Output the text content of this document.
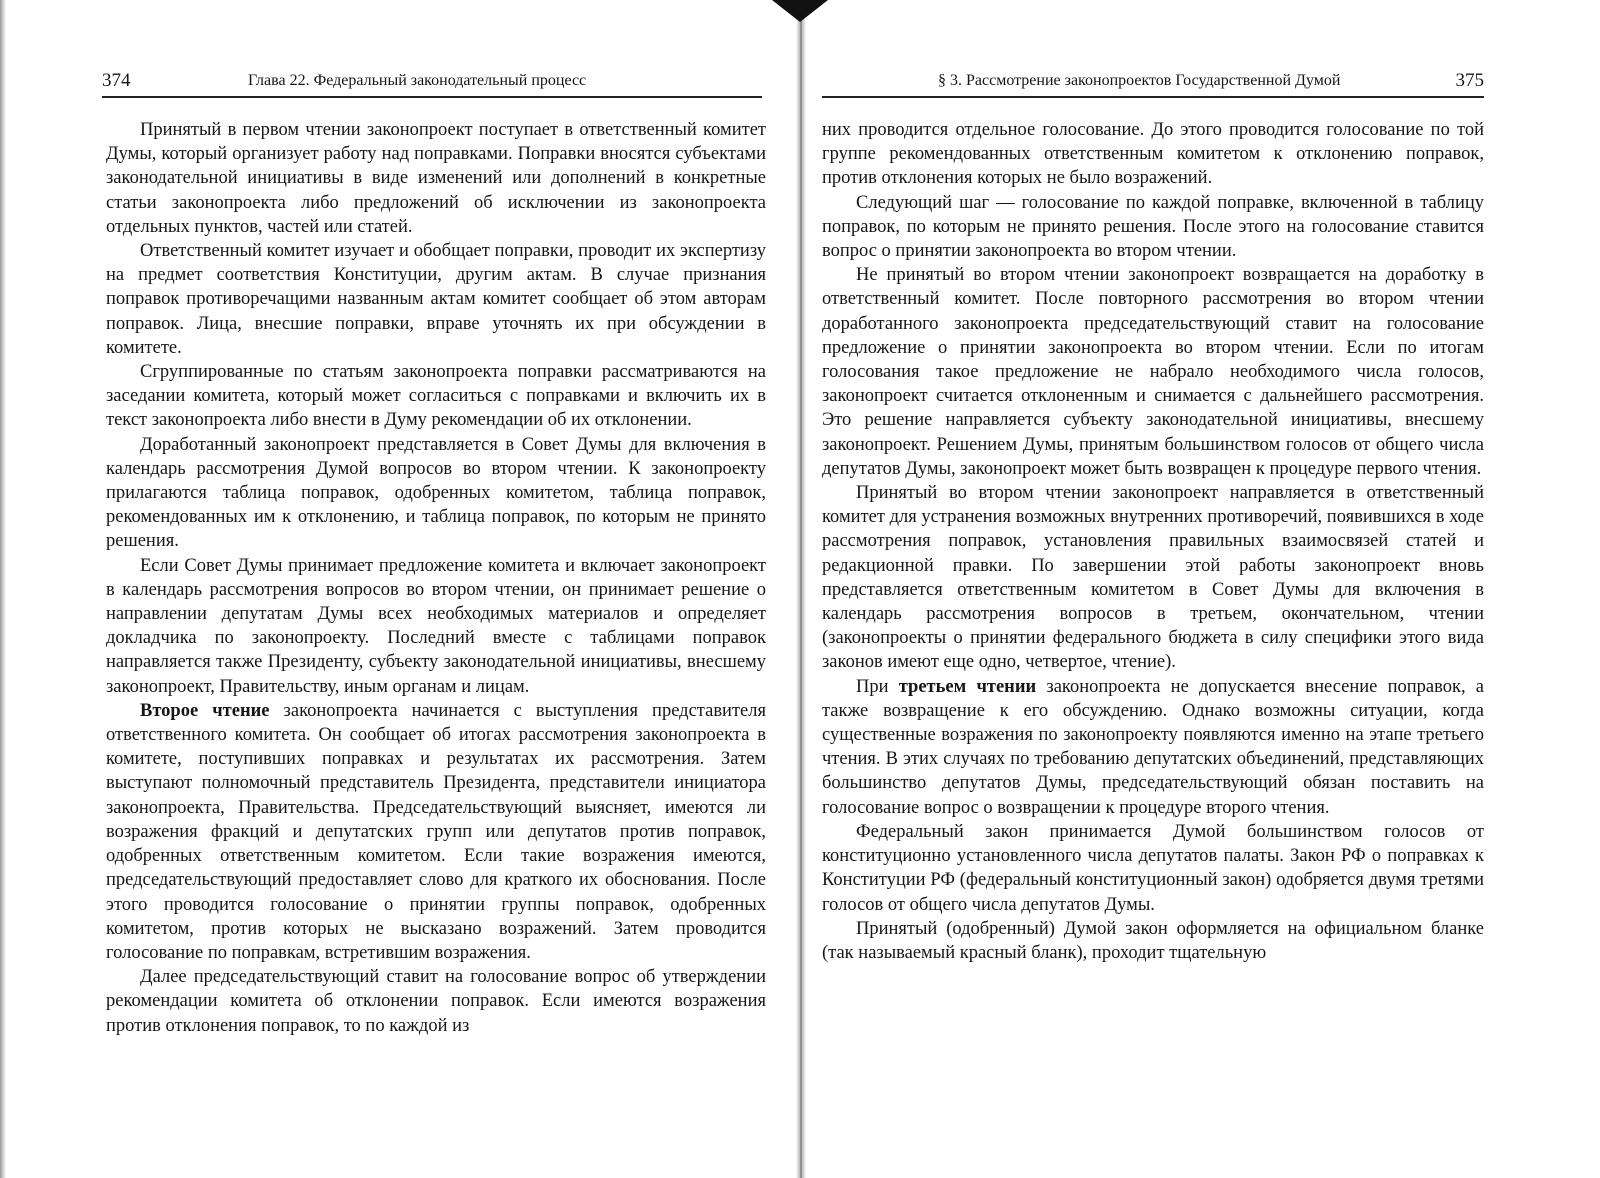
374	Глава 22. Федеральный законодательный процесс

Принятый в первом чтении законопроект поступает в ответственный комитет Думы, который организует работу над поправками. Поправки вносятся субъектами законодательной инициативы в виде изменений или дополнений в конкретные статьи законопроекта либо предложений об исключении из законопроекта отдельных пунктов, частей или статей.

Ответственный комитет изучает и обобщает поправки, проводит их экспертизу на предмет соответствия Конституции, другим актам. В случае признания поправок противоречащими названным актам комитет сообщает об этом авторам поправок. Лица, внесшие поправки, вправе уточнять их при обсуждении в комитете.

Сгруппированные по статьям законопроекта поправки рассматриваются на заседании комитета, который может согласиться с поправками и включить их в текст законопроекта либо внести в Думу рекомендации об их отклонении.

Доработанный законопроект представляется в Совет Думы для включения в календарь рассмотрения Думой вопросов во втором чтении. К законопроекту прилагаются таблица поправок, одобренных комитетом, таблица поправок, рекомендованных им к отклонению, и таблица поправок, по которым не принято решения.

Если Совет Думы принимает предложение комитета и включает законопроект в календарь рассмотрения вопросов во втором чтении, он принимает решение о направлении депутатам Думы всех необходимых материалов и определяет докладчика по законопроекту. Последний вместе с таблицами поправок направляется также Президенту, субъекту законодательной инициативы, внесшему законопроект, Правительству, иным органам и лицам.

Второе чтение законопроекта начинается с выступления представителя ответственного комитета. Он сообщает об итогах рассмотрения законопроекта в комитете, поступивших поправках и результатах их рассмотрения. Затем выступают полномочный представитель Президента, представители инициатора законопроекта, Правительства. Председательствующий выясняет, имеются ли возражения фракций и депутатских групп или депутатов против поправок, одобренных ответственным комитетом. Если такие возражения имеются, председательствующий предоставляет слово для краткого их обоснования. После этого проводится голосование о принятии группы поправок, одобренных комитетом, против которых не высказано возражений. Затем проводится голосование по поправкам, встретившим возражения.

Далее председательствующий ставит на голосование вопрос об утверждении рекомендации комитета об отклонении поправок. Если имеются возражения против отклонения поправок, то по каждой из

§ 3. Рассмотрение законопроектов Государственной Думой	375

них проводится отдельное голосование. До этого проводится голосование по той группе рекомендованных ответственным комитетом к отклонению поправок, против отклонения которых не было возражений.

Следующий шаг — голосование по каждой поправке, включенной в таблицу поправок, по которым не принято решения. После этого на голосование ставится вопрос о принятии законопроекта во втором чтении.

Не принятый во втором чтении законопроект возвращается на доработку в ответственный комитет. После повторного рассмотрения во втором чтении доработанного законопроекта председательствующий ставит на голосование предложение о принятии законопроекта во втором чтении. Если по итогам голосования такое предложение не набрало необходимого числа голосов, законопроект считается отклоненным и снимается с дальнейшего рассмотрения. Это решение направляется субъекту законодательной инициативы, внесшему законопроект. Решением Думы, принятым большинством голосов от общего числа депутатов Думы, законопроект может быть возвращен к процедуре первого чтения.

Принятый во втором чтении законопроект направляется в ответственный комитет для устранения возможных внутренних противоречий, появившихся в ходе рассмотрения поправок, установления правильных взаимосвязей статей и редакционной правки. По завершении этой работы законопроект вновь представляется ответственным комитетом в Совет Думы для включения в календарь рассмотрения вопросов в третьем, окончательном, чтении (законопроекты о принятии федерального бюджета в силу специфики этого вида законов имеют еще одно, четвертое, чтение).

При третьем чтении законопроекта не допускается внесение поправок, а также возвращение к его обсуждению. Однако возможны ситуации, когда существенные возражения по законопроекту появляются именно на этапе третьего чтения. В этих случаях по требованию депутатских объединений, представляющих большинство депутатов Думы, председательствующий обязан поставить на голосование вопрос о возвращении к процедуре второго чтения.

Федеральный закон принимается Думой большинством голосов от конституционно установленного числа депутатов палаты. Закон РФ о поправках к Конституции РФ (федеральный конституционный закон) одобряется двумя третями голосов от общего числа депутатов Думы.

Принятый (одобренный) Думой закон оформляется на официальном бланке (так называемый красный бланк), проходит тщательную
